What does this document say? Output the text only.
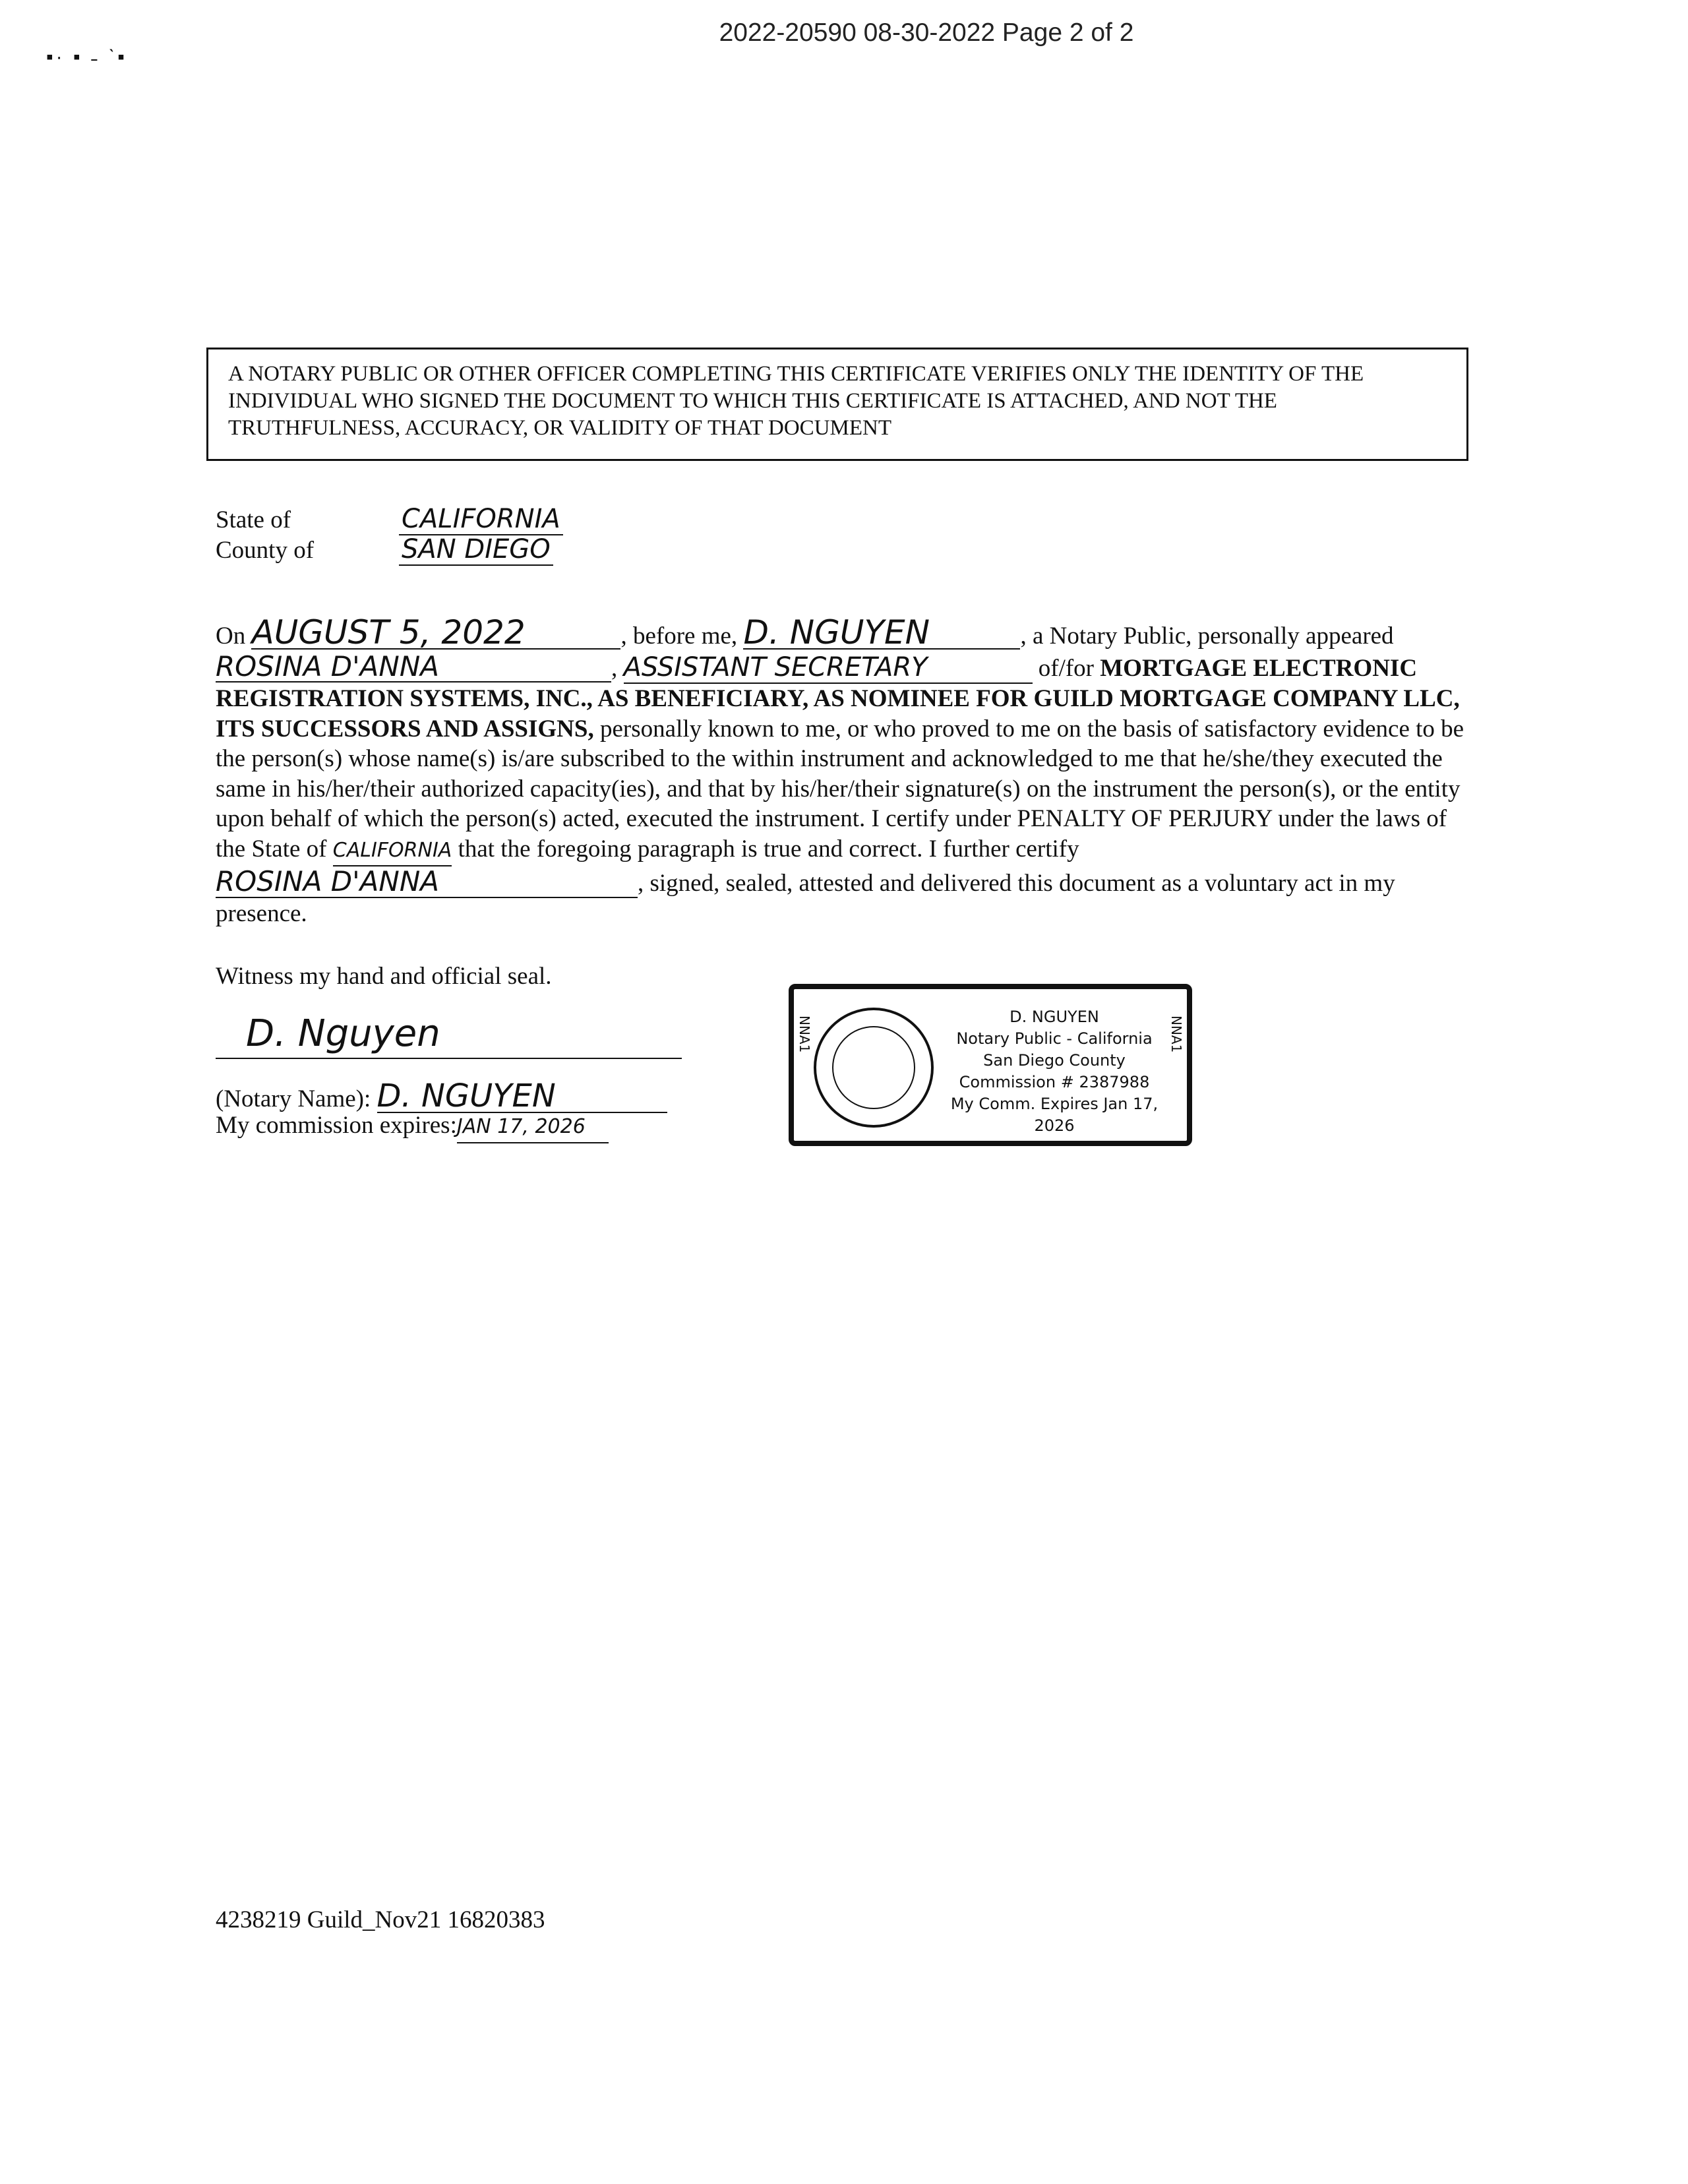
2022-20590 08-30-2022 Page 2 of 2
▪· ▪ ˗ ˋ▪
A NOTARY PUBLIC OR OTHER OFFICER COMPLETING THIS CERTIFICATE VERIFIES ONLY THE IDENTITY OF THE INDIVIDUAL WHO SIGNED THE DOCUMENT TO WHICH THIS CERTIFICATE IS ATTACHED, AND NOT THE TRUTHFULNESS, ACCURACY, OR VALIDITY OF THAT DOCUMENT
State of	CALIFORNIA
County of	SAN DIEGO
On AUGUST 5, 2022	, before me, D. NGUYEN	, a Notary Public, personally appeared ROSINA D'ANNA	, ASSISTANT SECRETARY	of/for MORTGAGE ELECTRONIC REGISTRATION SYSTEMS, INC., AS BENEFICIARY, AS NOMINEE FOR GUILD MORTGAGE COMPANY LLC, ITS SUCCESSORS AND ASSIGNS, personally known to me, or who proved to me on the basis of satisfactory evidence to be the person(s) whose name(s) is/are subscribed to the within instrument and acknowledged to me that he/she/they executed the same in his/her/their authorized capacity(ies), and that by his/her/their signature(s) on the instrument the person(s), or the entity upon behalf of which the person(s) acted, executed the instrument. I certify under PENALTY OF PERJURY under the laws of the State of CALIFORNIA that the foregoing paragraph is true and correct. I further certify ROSINA D'ANNA	, signed, sealed, attested and delivered this document as a voluntary act in my presence.
Witness my hand and official seal.
D. Nguyen
(Notary Name): D. NGUYEN
My commission expires:JAN 17, 2026
NNA1	D. NGUYEN
Notary Public - California
San Diego County
Commission # 2387988
My Comm. Expires Jan 17, 2026
NNA1
4238219 Guild_Nov21 16820383
